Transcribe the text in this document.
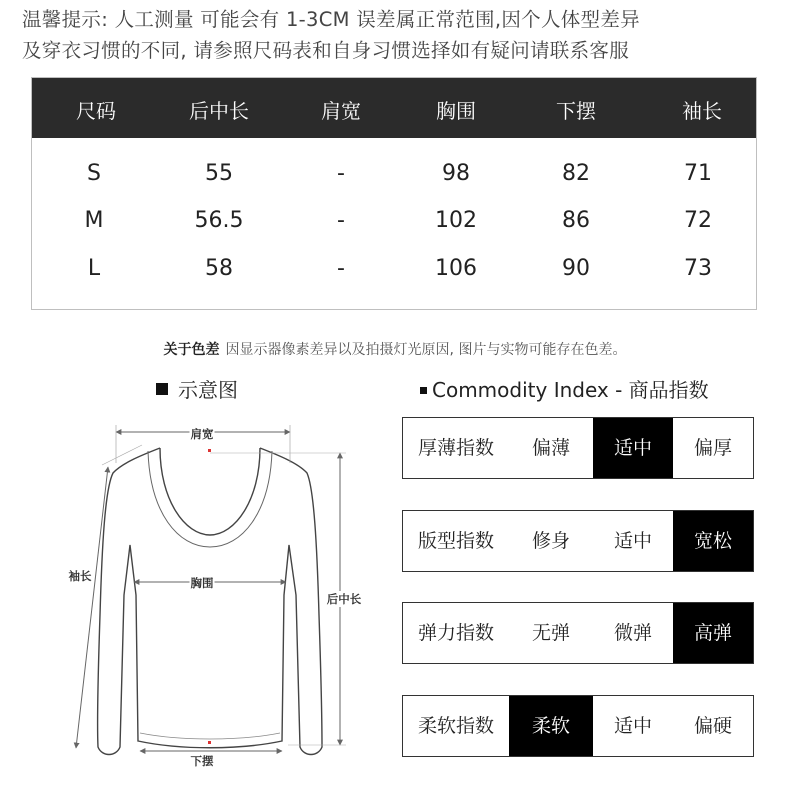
温馨提示: 人工测量 可能会有 1-3CM 误差属正常范围,因个人体型差异
及穿衣习惯的不同, 请参照尺码表和自身习惯选择如有疑问请联系客服
尺码	后中长	肩宽	胸围	下摆	袖长
S	55	-	98	82	71
M	56.5	-	102	86	72
L	58	-	106	90	73
关于色差 因显示器像素差异以及拍摄灯光原因, 图片与实物可能存在色差。
示意图	Commodity Index - 商品指数
肩宽
胸围
袖长
后中长
下摆
厚薄指数	偏薄	适中	偏厚
版型指数	修身	适中	宽松
弹力指数	无弹	微弹	高弹
柔软指数	柔软	适中	偏硬
